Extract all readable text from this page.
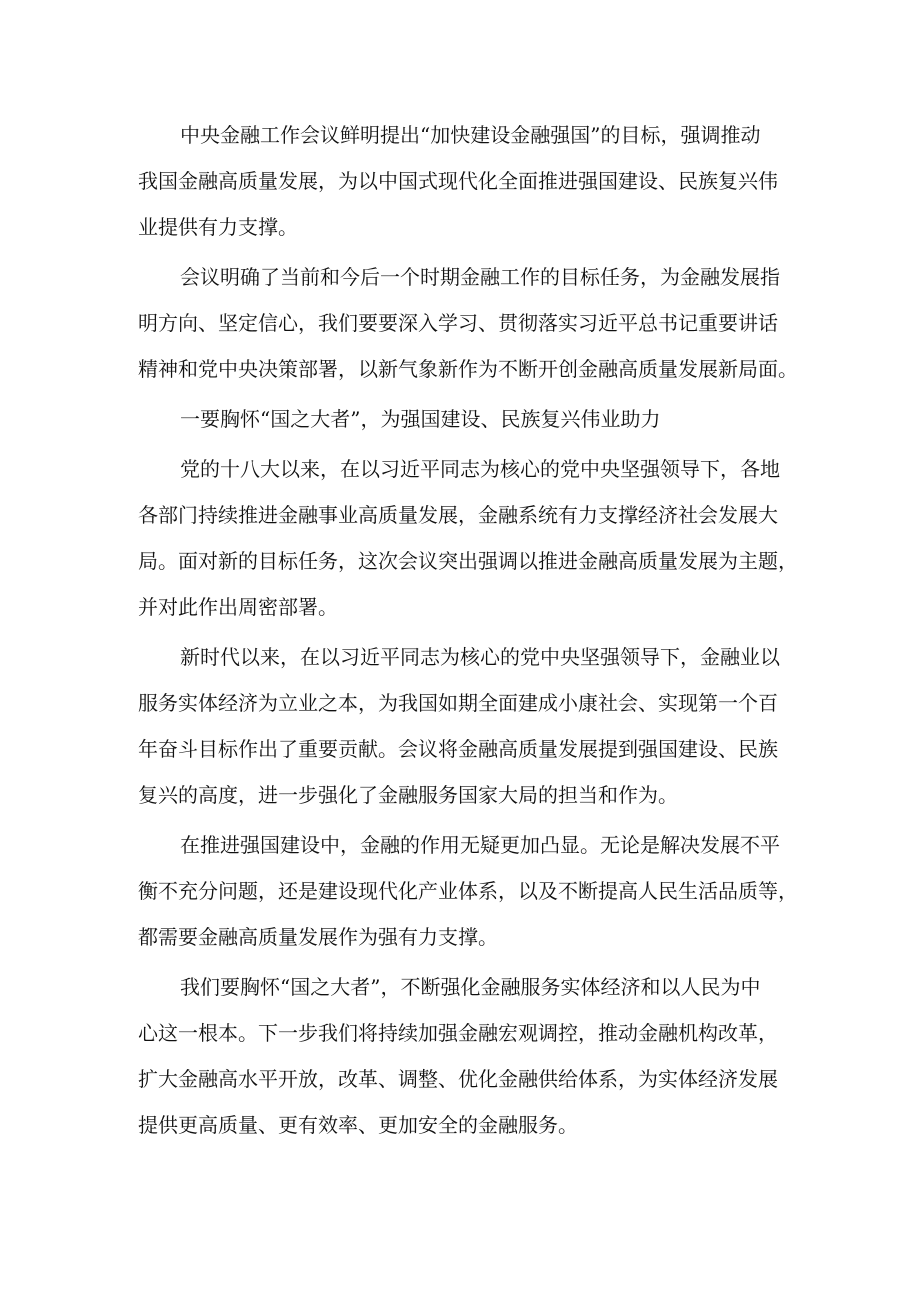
中央金融工作会议鲜明提出“加快建设金融强国”的目标，强调推动
我国金融高质量发展，为以中国式现代化全面推进强国建设、民族复兴伟
业提供有力支撑。

会议明确了当前和今后一个时期金融工作的目标任务，为金融发展指
明方向、坚定信心，我们要要深入学习、贯彻落实习近平总书记重要讲话
精神和党中央决策部署，以新气象新作为不断开创金融高质量发展新局面。

一要胸怀“国之大者”，为强国建设、民族复兴伟业助力

党的十八大以来，在以习近平同志为核心的党中央坚强领导下，各地
各部门持续推进金融事业高质量发展，金融系统有力支撑经济社会发展大
局。面对新的目标任务，这次会议突出强调以推进金融高质量发展为主题，
并对此作出周密部署。

新时代以来，在以习近平同志为核心的党中央坚强领导下，金融业以
服务实体经济为立业之本，为我国如期全面建成小康社会、实现第一个百
年奋斗目标作出了重要贡献。会议将金融高质量发展提到强国建设、民族
复兴的高度，进一步强化了金融服务国家大局的担当和作为。

在推进强国建设中，金融的作用无疑更加凸显。无论是解决发展不平
衡不充分问题，还是建设现代化产业体系，以及不断提高人民生活品质等，
都需要金融高质量发展作为强有力支撑。

我们要胸怀“国之大者”，不断强化金融服务实体经济和以人民为中
心这一根本。下一步我们将持续加强金融宏观调控，推动金融机构改革，
扩大金融高水平开放，改革、调整、优化金融供给体系，为实体经济发展
提供更高质量、更有效率、更加安全的金融服务。
